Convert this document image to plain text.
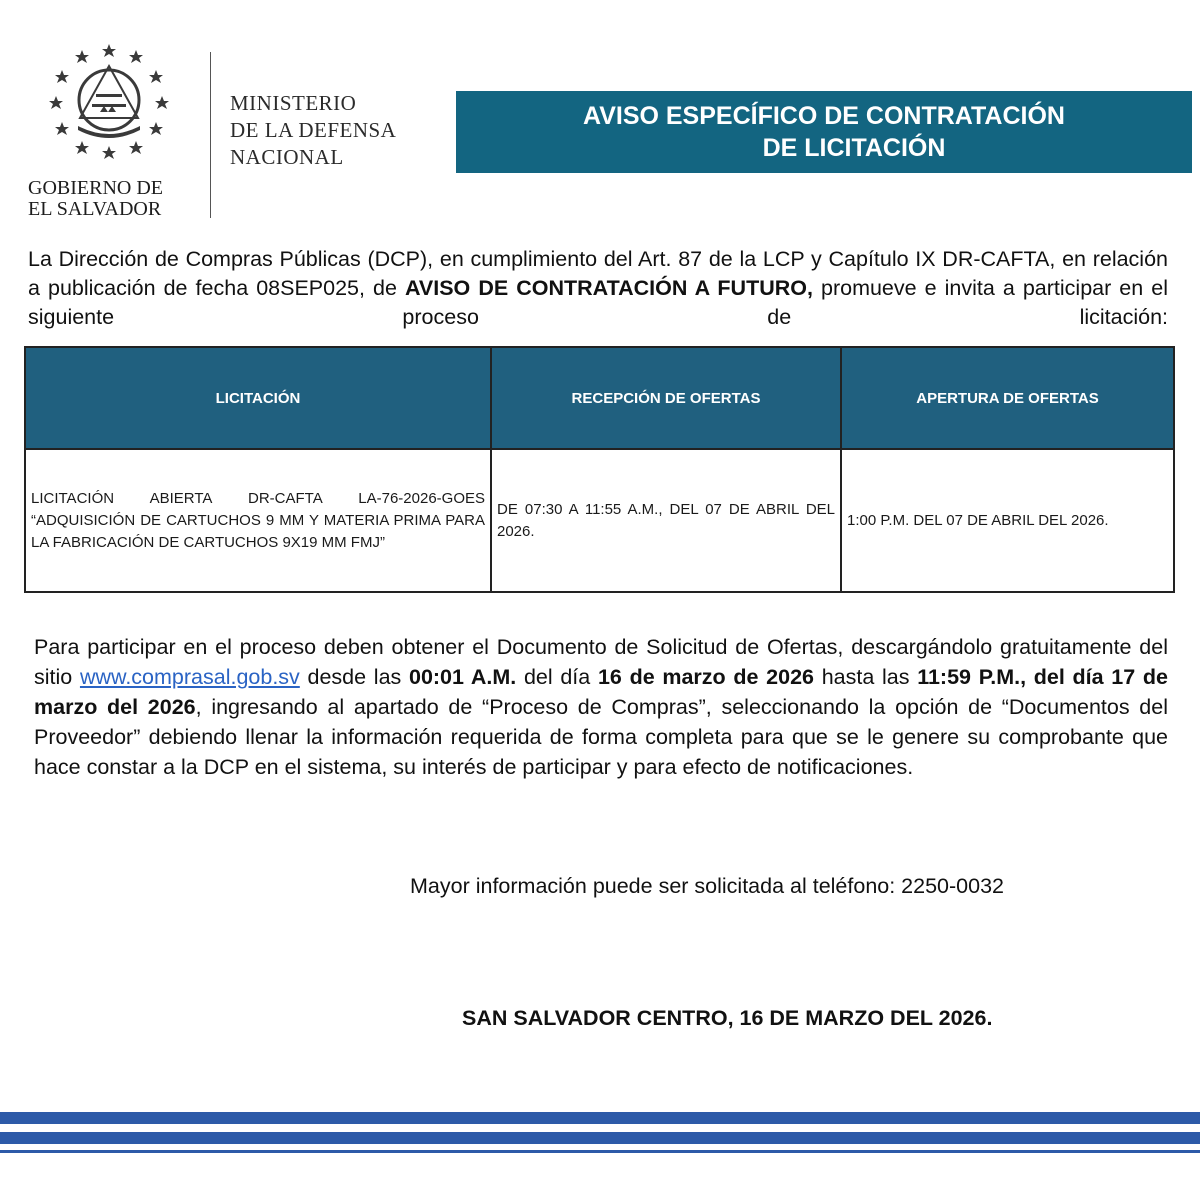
GOBIERNO DE
EL SALVADOR
MINISTERIO
DE LA DEFENSA
NACIONAL
AVISO ESPECÍFICO DE CONTRATACIÓN
DE LICITACIÓN
La Dirección de Compras Públicas (DCP), en cumplimiento del Art. 87 de la LCP y Capítulo IX DR-CAFTA, en relación a publicación de fecha 08SEP025, de AVISO DE CONTRATACIÓN A FUTURO, promueve e invita a participar en el siguiente proceso de licitación:
LICITACIÓN	RECEPCIÓN DE OFERTAS	APERTURA DE OFERTAS
LICITACIÓN ABIERTA DR-CAFTA LA-76-2026-GOES “ADQUISICIÓN DE CARTUCHOS 9 MM Y MATERIA PRIMA PARA LA FABRICACIÓN DE CARTUCHOS 9X19 MM FMJ”	DE 07:30 A 11:55 A.M., DEL 07 DE ABRIL DEL 2026.	1:00 P.M. DEL 07 DE ABRIL DEL 2026.
Para participar en el proceso deben obtener el Documento de Solicitud de Ofertas, descargándolo gratuitamente del sitio www.comprasal.gob.sv desde las 00:01 A.M. del día 16 de marzo de 2026 hasta las 11:59 P.M., del día 17 de marzo del 2026, ingresando al apartado de “Proceso de Compras”, seleccionando la opción de “Documentos del Proveedor” debiendo llenar la información requerida de forma completa para que se le genere su comprobante que hace constar a la DCP en el sistema, su interés de participar y para efecto de notificaciones.
Mayor información puede ser solicitada al teléfono: 2250-0032
SAN SALVADOR CENTRO, 16 DE MARZO DEL 2026.
